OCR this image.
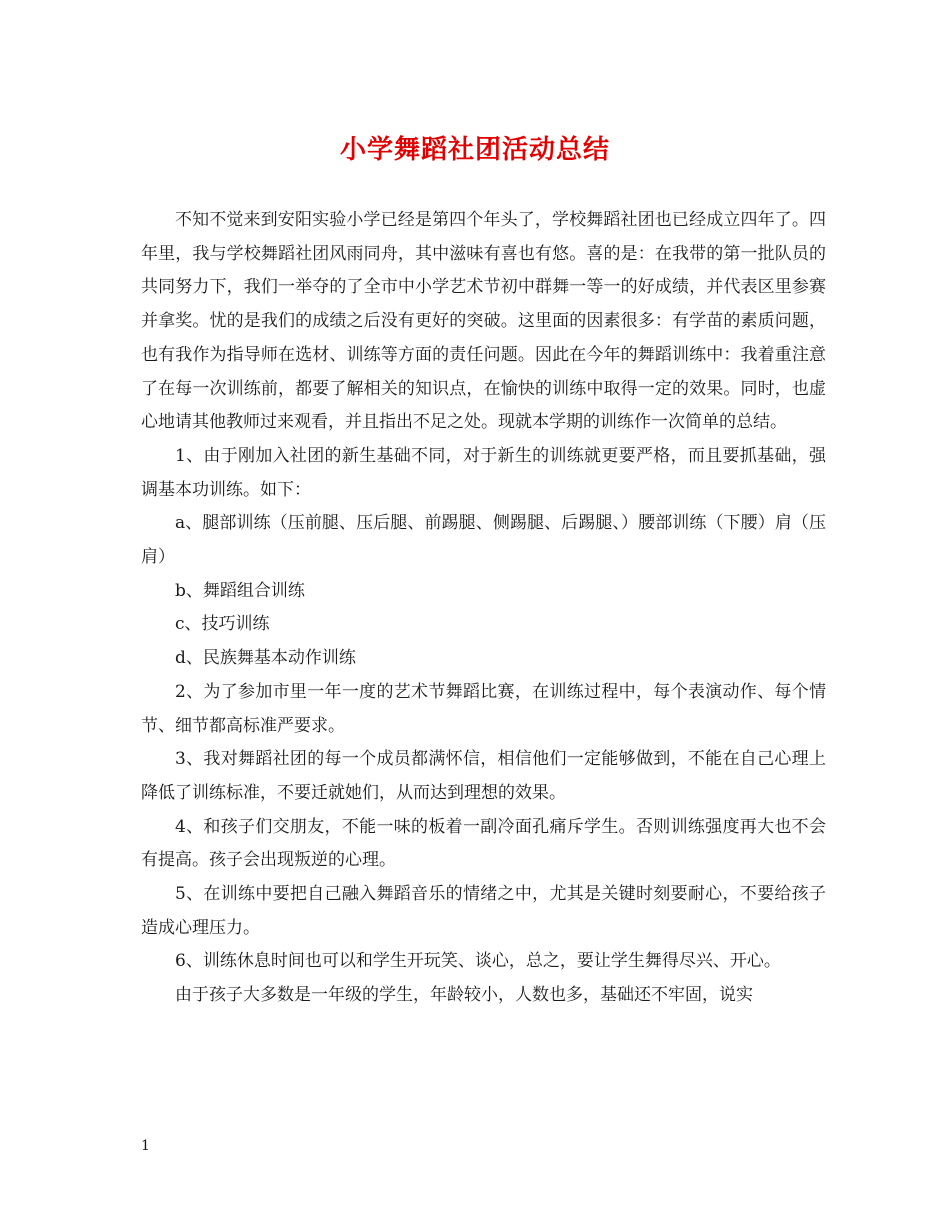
小学舞蹈社团活动总结

不知不觉来到安阳实验小学已经是第四个年头了，学校舞蹈社团也已经成立四年了。四年里，我与学校舞蹈社团风雨同舟，其中滋味有喜也有悠。喜的是：在我带的第一批队员的共同努力下，我们一举夺的了全市中小学艺术节初中群舞一等一的好成绩，并代表区里参赛并拿奖。忧的是我们的成绩之后没有更好的突破。这里面的因素很多：有学苗的素质问题，也有我作为指导师在选材、训练等方面的责任问题。因此在今年的舞蹈训练中：我着重注意了在每一次训练前，都要了解相关的知识点，在愉快的训练中取得一定的效果。同时，也虚心地请其他教师过来观看，并且指出不足之处。现就本学期的训练作一次简单的总结。

1、由于刚加入社团的新生基础不同，对于新生的训练就更要严格，而且要抓基础，强调基本功训练。如下：

a、腿部训练（压前腿、压后腿、前踢腿、侧踢腿、后踢腿、）腰部训练（下腰）肩（压肩）

b、舞蹈组合训练

c、技巧训练

d、民族舞基本动作训练

2、为了参加市里一年一度的艺术节舞蹈比赛，在训练过程中，每个表演动作、每个情节、细节都高标准严要求。

3、我对舞蹈社团的每一个成员都满怀信，相信他们一定能够做到，不能在自己心理上降低了训练标准，不要迁就她们，从而达到理想的效果。

4、和孩子们交朋友，不能一味的板着一副冷面孔痛斥学生。否则训练强度再大也不会有提高。孩子会出现叛逆的心理。

5、在训练中要把自己融入舞蹈音乐的情绪之中，尤其是关键时刻要耐心，不要给孩子造成心理压力。

6、训练休息时间也可以和学生开玩笑、谈心，总之，要让学生舞得尽兴、开心。

由于孩子大多数是一年级的学生，年龄较小，人数也多，基础还不牢固，说实

1
